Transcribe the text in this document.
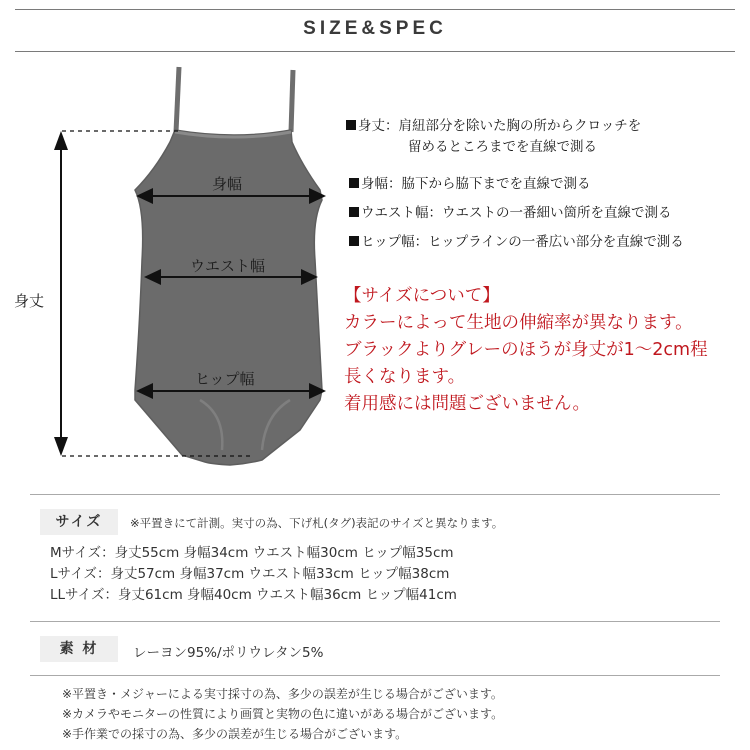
SIZE&SPEC
身丈
身幅
ウエスト幅
ヒップ幅
身丈：肩紐部分を除いた胸の所からクロッチを
留めるところまでを直線で測る
身幅：脇下から脇下までを直線で測る
ウエスト幅：ウエストの一番細い箇所を直線で測る
ヒップ幅：ヒップラインの一番広い部分を直線で測る
【サイズについて】
カラーによって生地の伸縮率が異なります。
ブラックよりグレーのほうが身丈が1〜2cm程
長くなります。
着用感には問題ございません。
サイズ	※平置きにて計測。実寸の為、下げ札(タグ)表記のサイズと異なります。
Mサイズ：身丈55cm 身幅34cm ウエスト幅30cm ヒップ幅35cm
Lサイズ：身丈57cm 身幅37cm ウエスト幅33cm ヒップ幅38cm
LLサイズ：身丈61cm 身幅40cm ウエスト幅36cm ヒップ幅41cm
素 材	レーヨン95%/ポリウレタン5%
※平置き・メジャーによる実寸採寸の為、多少の誤差が生じる場合がございます。
※カメラやモニターの性質により画質と実物の色に違いがある場合がございます。
※手作業での採寸の為、多少の誤差が生じる場合がございます。
